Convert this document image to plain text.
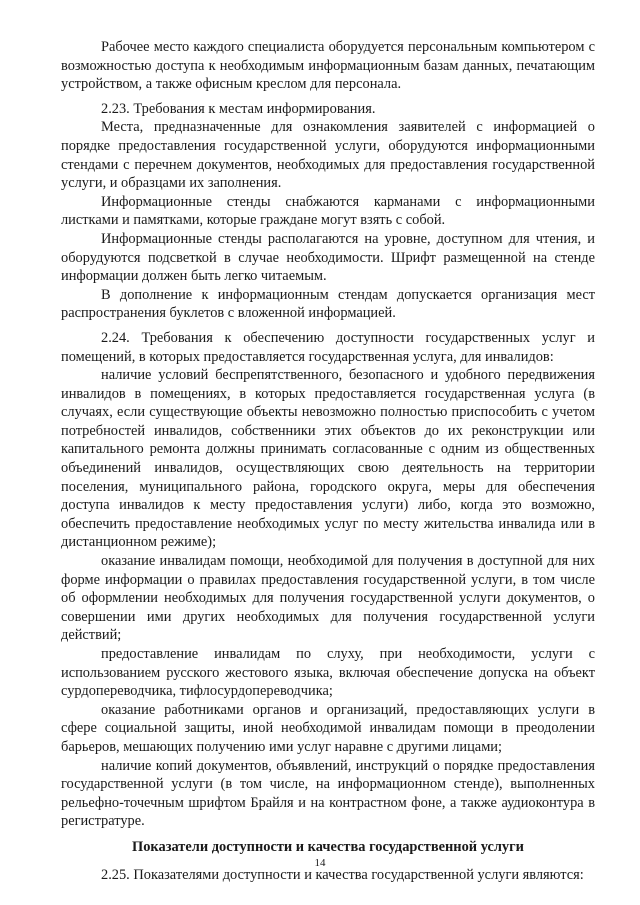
Рабочее место каждого специалиста оборудуется персональным компьютером с возможностью доступа к необходимым информационным базам данных, печатающим устройством, а также офисным креслом для персонала.

2.23. Требования к местам информирования.

Места, предназначенные для ознакомления заявителей с информацией о порядке предоставления государственной услуги, оборудуются информационными стендами с перечнем документов, необходимых для предоставления государственной услуги, и образцами их заполнения.

Информационные стенды снабжаются карманами с информационными листками и памятками, которые граждане могут взять с собой.

Информационные стенды располагаются на уровне, доступном для чтения, и оборудуются подсветкой в случае необходимости. Шрифт размещенной на стенде информации должен быть легко читаемым.

В дополнение к информационным стендам допускается организация мест распространения буклетов с вложенной информацией.

2.24. Требования к обеспечению доступности государственных услуг и помещений, в которых предоставляется государственная услуга, для инвалидов:

наличие условий беспрепятственного, безопасного и удобного передвижения инвалидов в помещениях, в которых предоставляется государственная услуга (в случаях, если существующие объекты невозможно полностью приспособить с учетом потребностей инвалидов, собственники этих объектов до их реконструкции или капитального ремонта должны принимать согласованные с одним из общественных объединений инвалидов, осуществляющих свою деятельность на территории поселения, муниципального района, городского округа, меры для обеспечения доступа инвалидов к месту предоставления услуги) либо, когда это возможно, обеспечить предоставление необходимых услуг по месту жительства инвалида или в дистанционном режиме);

оказание инвалидам помощи, необходимой для получения в доступной для них форме информации о правилах предоставления государственной услуги, в том числе об оформлении необходимых для получения государственной услуги документов, о совершении ими других необходимых для получения государственной услуги действий;

предоставление инвалидам по слуху, при необходимости, услуги с использованием русского жестового языка, включая обеспечение допуска на объект сурдопереводчика, тифлосурдопереводчика;

оказание работниками органов и организаций, предоставляющих услуги в сфере социальной защиты, иной необходимой инвалидам помощи в преодолении барьеров, мешающих получению ими услуг наравне с другими лицами;

наличие копий документов, объявлений, инструкций о порядке предоставления государственной услуги (в том числе, на информационном стенде), выполненных рельефно-точечным шрифтом Брайля и на контрастном фоне, а также аудиоконтура в регистратуре.

Показатели доступности и качества государственной услуги

2.25. Показателями доступности и качества государственной услуги являются:

14
